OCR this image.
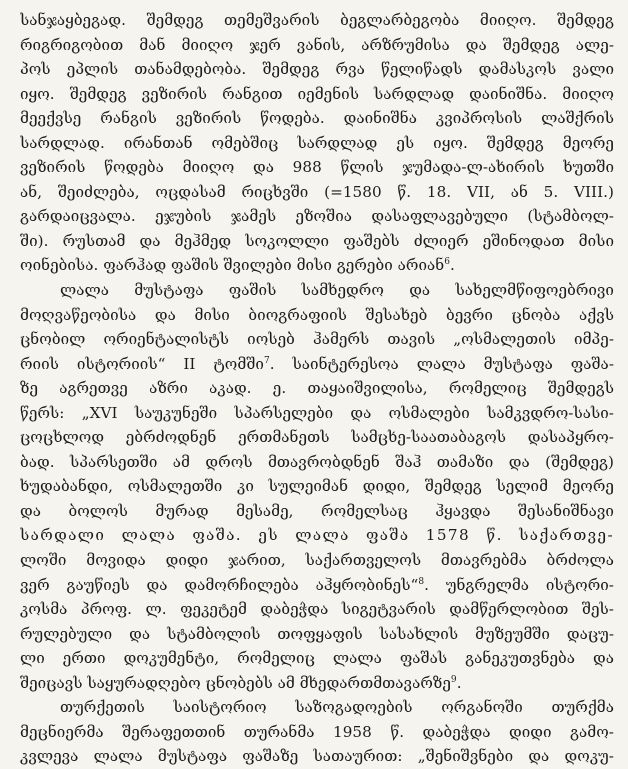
სანჯაყბეგად. შემდეგ თემეშვარის ბეგლარბეგობა მიიღო. შემდეგ
რიგრიგობით მან მიიღო ჯერ ვანის, არზრუმისა და შემდეგ ალე-
პოს ეპლის თანამდებობა. შემდეგ რვა წელიწადს დამასკოს ვალი
იყო. შემდეგ ვეზირის რანგით იემენის სარდლად დაინიშნა. მიიღო
მეექვსე რანგის ვეზირის წოდება. დაინიშნა კვიპროსის ლაშქრის
სარდლად. ირანთან ომებშიც სარდლად ეს იყო. შემდეგ მეორე
ვეზირის წოდება მიიღო და 988 წლის ჯუმადა-ლ-ახირის ხუთში
ან, შეიძლება, ოცდასამ რიცხვში (=1580 წ. 18. VII, ან 5. VIII.)
გარდაიცვალა. ეჯუბის ჯამეს ეზოშია დასაფლავებული (სტამბოლ-
ში). რუსთამ და მეჰმედ სოკოლლი ფაშებს ძლიერ ეშინოდათ მისი
ოინებისა. ფარჰად ფაშის შვილები მისი გერები არიან$^6$.
ლალა მუსტაფა ფაშის სამხედრო და სახელმწიფოებრივი
მოღვაწეობისა და მისი ბიოგრაფიის შესახებ ბევრი ცნობა აქვს
ცნობილ ორიენტალისტს იოსებ ჰამერს თავის „ოსმალეთის იმპე-
რიის ისტორიის“ II ტომში$^7$. საინტერესოა ლალა მუსტაფა ფაშა-
ზე აგრეთვე აზრი აკად. ე. თაყაიშვილისა, რომელიც შემდეგს
წერს: „XVI საუკუნეში სპარსელები და ოსმალები სამკვდრო-სასი-
ცოცხლოდ ებრძოდნენ ერთმანეთს სამცხე-საათაბაგოს დასაპყრო-
ბად. სპარსეთში ამ დროს მთავრობდნენ შაჰ თამაზი და (შემდეგ)
ხუდაბანდი, ოსმალეთში კი სულეიმან დიდი, შემდეგ სელიმ მეორე
და ბოლოს მურად მესამე, რომელსაც ჰყავდა შესანიშნავი
სარდალი ლალა ფაშა. ეს ლალა ფაშა 1578 წ. საქართვე-
ლოში მოვიდა დიდი ჯარით, საქართველოს მთავრებმა ბრძოლა
ვერ გაუწიეს და დამორჩილება აჰყრობინეს“$^8$. უნგრელმა ისტორი-
კოსმა პროფ. ლ. ფეკეტემ დაბეჭდა სიგეტვარის დამწერლობით შეს-
რულებული და სტამბოლის თოფყაფის სასახლის მუზეუმში დაცუ-
ლი ერთი დოკუმენტი, რომელიც ლალა ფაშას განეკუთვნება და
შეიცავს საყურადღებო ცნობებს ამ მხედართმთავარზე$^9$.
თურქეთის საისტორიო საზოგადოების ორგანოში თურქმა
მეცნიერმა შერაფეთთინ თურანმა 1958 წ. დაბეჭდა დიდი გამო-
კვლევა ლალა მუსტაფა ფაშაზე სათაურით: „შენიშვნები და დოკუ-
